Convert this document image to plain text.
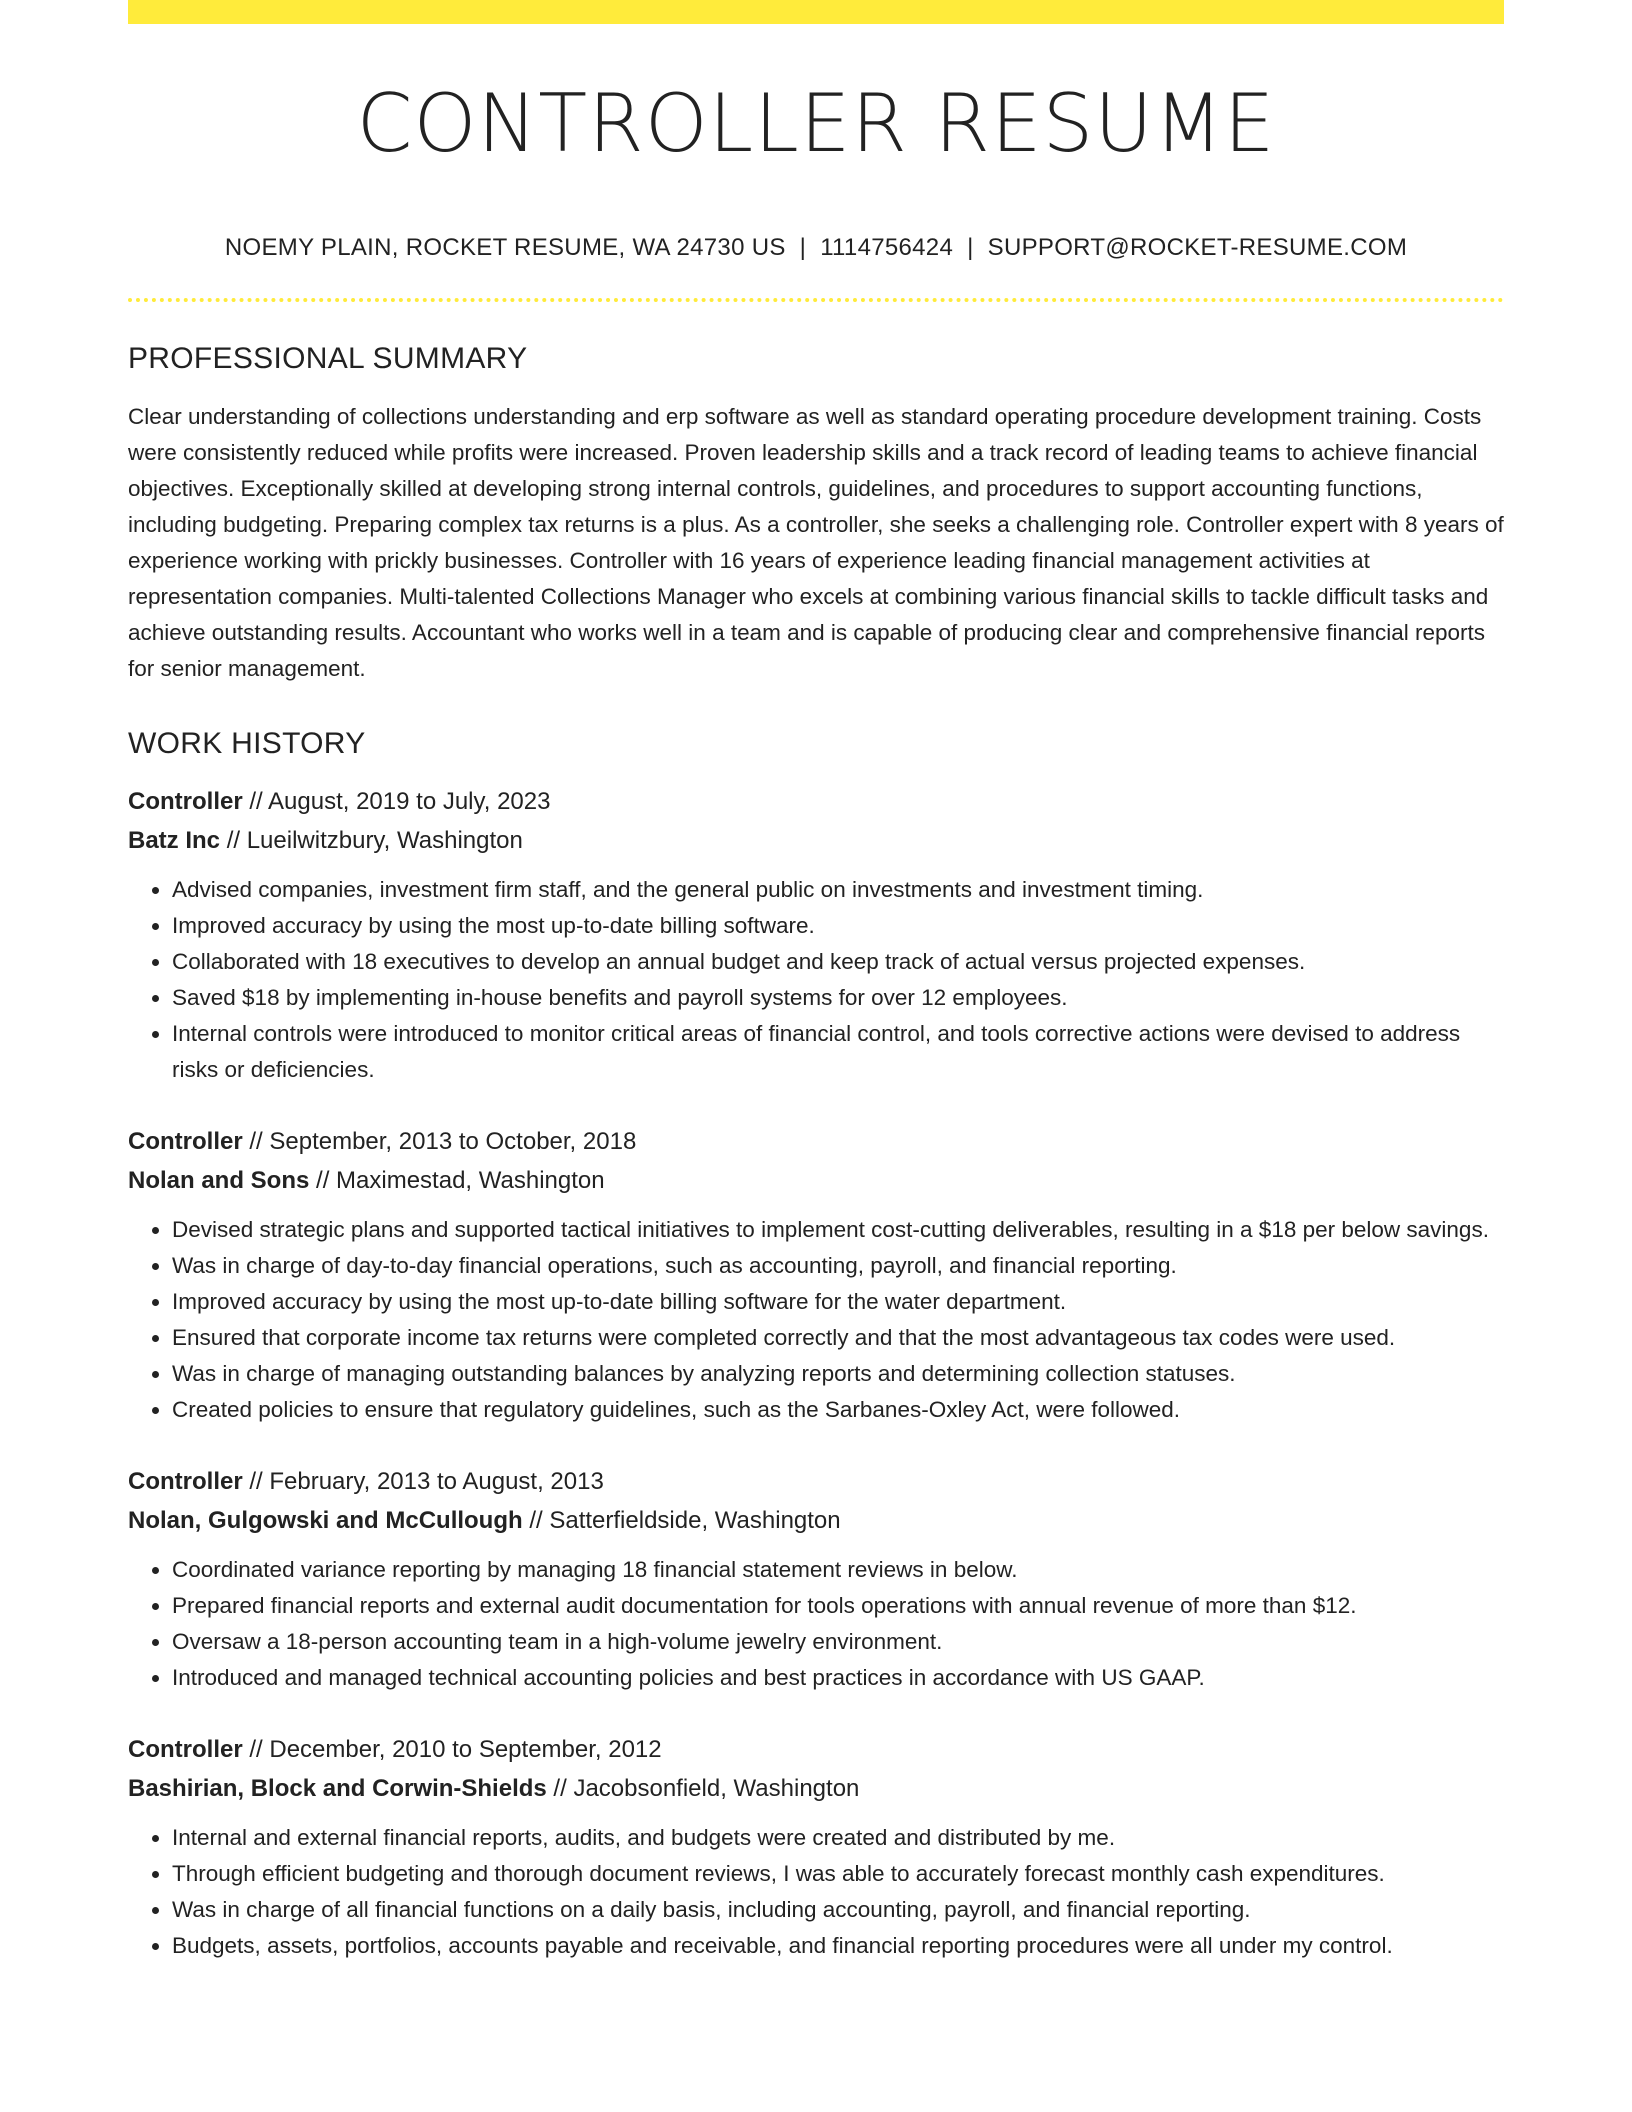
CONTROLLER RESUME
NOEMY PLAIN, ROCKET RESUME, WA 24730 US | 1114756424 | SUPPORT@ROCKET-RESUME.COM
PROFESSIONAL SUMMARY

Clear understanding of collections understanding and erp software as well as standard operating procedure development training. Costs were consistently reduced while profits were increased. Proven leadership skills and a track record of leading teams to achieve financial objectives. Exceptionally skilled at developing strong internal controls, guidelines, and procedures to support accounting functions, including budgeting. Preparing complex tax returns is a plus. As a controller, she seeks a challenging role. Controller expert with 8 years of experience working with prickly businesses. Controller with 16 years of experience leading financial management activities at representation companies. Multi-talented Collections Manager who excels at combining various financial skills to tackle difficult tasks and achieve outstanding results. Accountant who works well in a team and is capable of producing clear and comprehensive financial reports for senior management.

WORK HISTORY
Controller // August, 2019 to July, 2023
Batz Inc // Lueilwitzbury, Washington
• Advised companies, investment firm staff, and the general public on investments and investment timing.
• Improved accuracy by using the most up-to-date billing software.
• Collaborated with 18 executives to develop an annual budget and keep track of actual versus projected expenses.
• Saved $18 by implementing in-house benefits and payroll systems for over 12 employees.
• Internal controls were introduced to monitor critical areas of financial control, and tools corrective actions were devised to address risks or deficiencies.
Controller // September, 2013 to October, 2018
Nolan and Sons // Maximestad, Washington
• Devised strategic plans and supported tactical initiatives to implement cost-cutting deliverables, resulting in a $18 per below savings.
• Was in charge of day-to-day financial operations, such as accounting, payroll, and financial reporting.
• Improved accuracy by using the most up-to-date billing software for the water department.
• Ensured that corporate income tax returns were completed correctly and that the most advantageous tax codes were used.
• Was in charge of managing outstanding balances by analyzing reports and determining collection statuses.
• Created policies to ensure that regulatory guidelines, such as the Sarbanes-Oxley Act, were followed.
Controller // February, 2013 to August, 2013
Nolan, Gulgowski and McCullough // Satterfieldside, Washington
• Coordinated variance reporting by managing 18 financial statement reviews in below.
• Prepared financial reports and external audit documentation for tools operations with annual revenue of more than $12.
• Oversaw a 18-person accounting team in a high-volume jewelry environment.
• Introduced and managed technical accounting policies and best practices in accordance with US GAAP.
Controller // December, 2010 to September, 2012
Bashirian, Block and Corwin-Shields // Jacobsonfield, Washington
• Internal and external financial reports, audits, and budgets were created and distributed by me.
• Through efficient budgeting and thorough document reviews, I was able to accurately forecast monthly cash expenditures.
• Was in charge of all financial functions on a daily basis, including accounting, payroll, and financial reporting.
• Budgets, assets, portfolios, accounts payable and receivable, and financial reporting procedures were all under my control.
